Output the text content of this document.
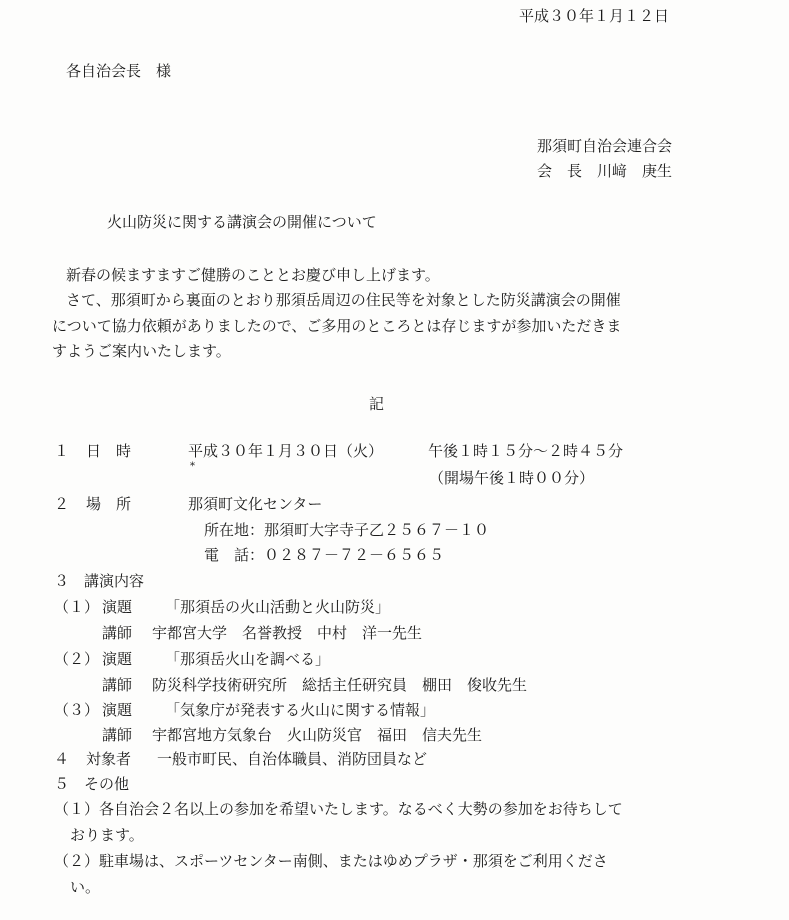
平成３０年１月１２日
各自治会長　様
那須町自治会連合会
会　長　川﨑　庚生
火山防災に関する講演会の開催について
新春の候ますますご健勝のこととお慶び申し上げます。
さて、那須町から裏面のとおり那須岳周辺の住民等を対象とした防災講演会の開催
について協力依頼がありましたので、ご多用のところとは存じますが参加いただきま
すようご案内いたします。
記
１ 日　時	平成３０年１月３０日（火）	午後１時１５分～２時４５分
*
（開場午後１時００分）
２ 場　所	那須町文化センター
所在地：那須町大字寺子乙２５６７－１０
電　話：０２８７－７２－６５６５
３　講演内容
（１） 演題 「那須岳の火山活動と火山防災」
講師 宇都宮大学　名誉教授　中村　洋一先生
（２） 演題 「那須岳火山を調べる」
講師 防災科学技術研究所　総括主任研究員　棚田　俊收先生
（３） 演題 「気象庁が発表する火山に関する情報」
講師 宇都宮地方気象台　火山防災官　福田　信夫先生
４ 対象者 一般市町民、自治体職員、消防団員など
５　その他
（１）各自治会２名以上の参加を希望いたします。なるべく大勢の参加をお待ちして
おります。
（２）駐車場は、スポーツセンター南側、またはゆめプラザ・那須をご利用くださ
い。
